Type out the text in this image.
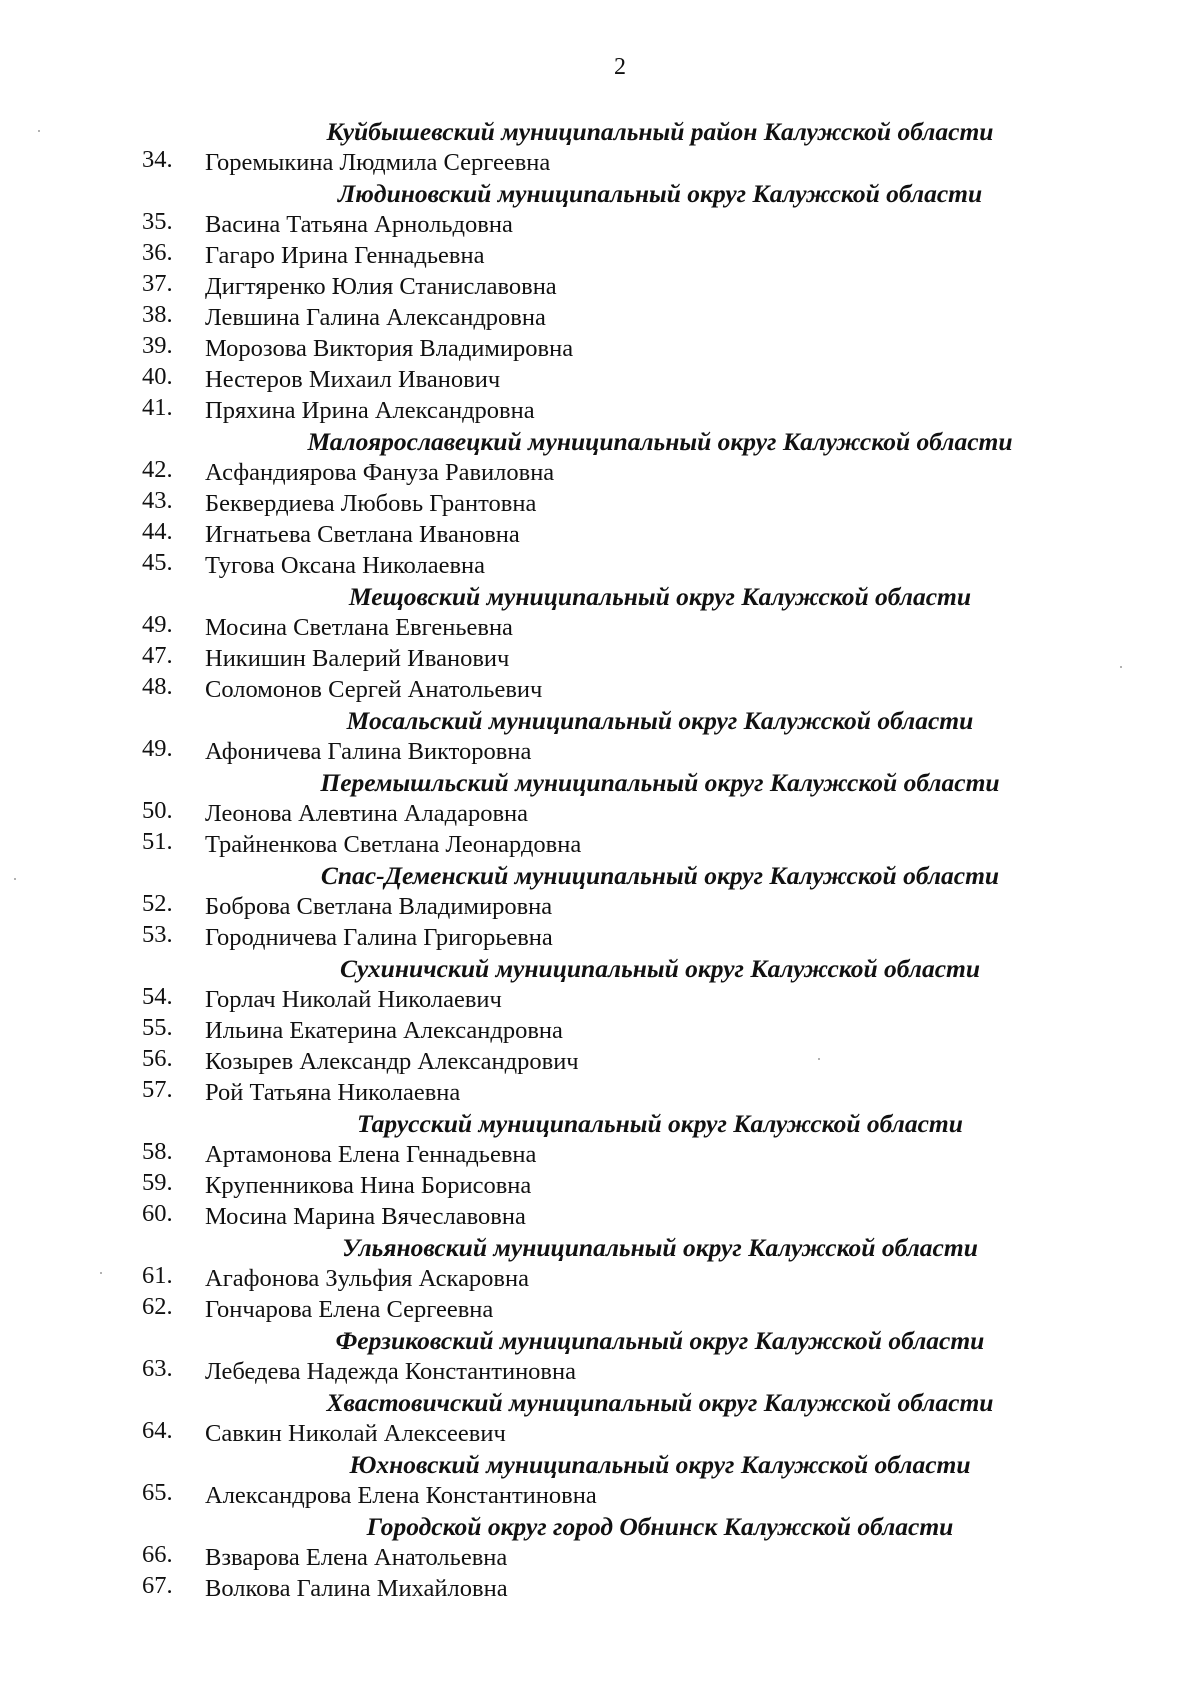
2
Куйбышевский муниципальный район Калужской области
34.	Горемыкина Людмила Сергеевна
Людиновский муниципальный округ Калужской области
35.	Васина Татьяна Арнольдовна
36.	Гагаро Ирина Геннадьевна
37.	Дигтяренко Юлия Станиславовна
38.	Левшина Галина Александровна
39.	Морозова Виктория Владимировна
40.	Нестеров Михаил Иванович
41.	Пряхина Ирина Александровна
Малоярославецкий муниципальный округ Калужской области
42.	Асфандиярова Фануза Равиловна
43.	Беквердиева Любовь Грантовна
44.	Игнатьева Светлана Ивановна
45.	Тугова Оксана Николаевна
Мещовский муниципальный округ Калужской области
49.	Мосина Светлана Евгеньевна
47.	Никишин Валерий Иванович
48.	Соломонов Сергей Анатольевич
Мосальский муниципальный округ Калужской области
49.	Афоничева Галина Викторовна
Перемышльский муниципальный округ Калужской области
50.	Леонова Алевтина Аладаровна
51.	Трайненкова Светлана Леонардовна
Спас-Деменский муниципальный округ Калужской области
52.	Боброва Светлана Владимировна
53.	Городничева Галина Григорьевна
Сухиничский муниципальный округ Калужской области
54.	Горлач Николай Николаевич
55.	Ильина Екатерина Александровна
56.	Козырев Александр Александрович
57.	Рой Татьяна Николаевна
Тарусский муниципальный округ Калужской области
58.	Артамонова Елена Геннадьевна
59.	Крупенникова Нина Борисовна
60.	Мосина Марина Вячеславовна
Ульяновский муниципальный округ Калужской области
61.	Агафонова Зульфия Аскаровна
62.	Гончарова Елена Сергеевна
Ферзиковский муниципальный округ Калужской области
63.	Лебедева Надежда Константиновна
Хвастовичский муниципальный округ Калужской области
64.	Савкин Николай Алексеевич
Юхновский муниципальный округ Калужской области
65.	Александрова Елена Константиновна
Городской округ город Обнинск Калужской области
66.	Взварова Елена Анатольевна
67.	Волкова Галина Михайловна
